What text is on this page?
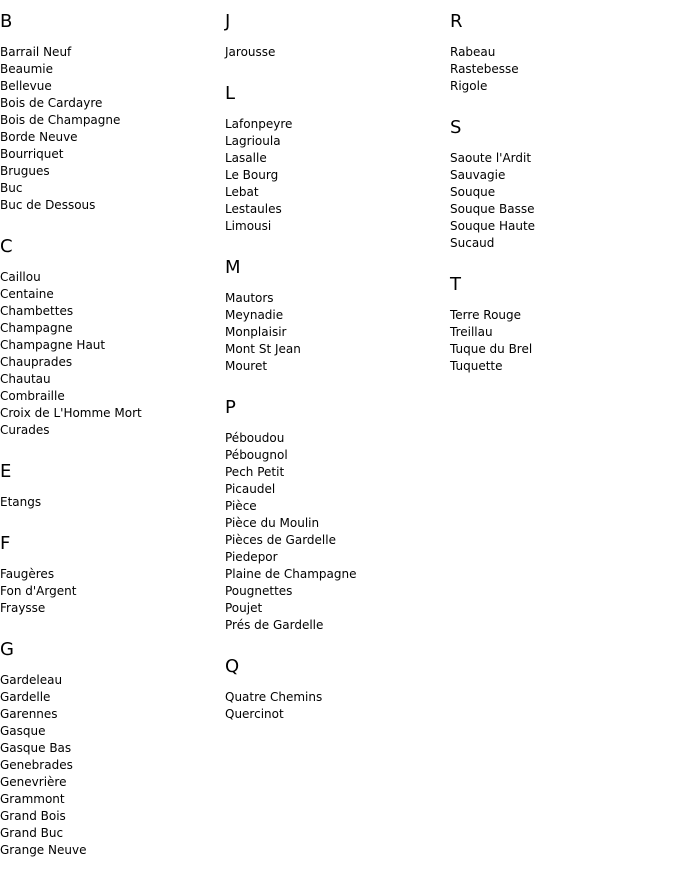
B
Barrail Neuf
Beaumie
Bellevue
Bois de Cardayre
Bois de Champagne
Borde Neuve
Bourriquet
Brugues
Buc
Buc de Dessous
C
Caillou
Centaine
Chambettes
Champagne
Champagne Haut
Chauprades
Chautau
Combraille
Croix de L'Homme Mort
Curades
E
Etangs
F
Faugères
Fon d'Argent
Fraysse
G
Gardeleau
Gardelle
Garennes
Gasque
Gasque Bas
Genebrades
Genevrière
Grammont
Grand Bois
Grand Buc
Grange Neuve
J
Jarousse
L
Lafonpeyre
Lagrioula
Lasalle
Le Bourg
Lebat
Lestaules
Limousi
M
Mautors
Meynadie
Monplaisir
Mont St Jean
Mouret
P
Péboudou
Pébougnol
Pech Petit
Picaudel
Pièce
Pièce du Moulin
Pièces de Gardelle
Piedepor
Plaine de Champagne
Pougnettes
Poujet
Prés de Gardelle
Q
Quatre Chemins
Quercinot
R
Rabeau
Rastebesse
Rigole
S
Saoute l'Ardit
Sauvagie
Souque
Souque Basse
Souque Haute
Sucaud
T
Terre Rouge
Treillau
Tuque du Brel
Tuquette
